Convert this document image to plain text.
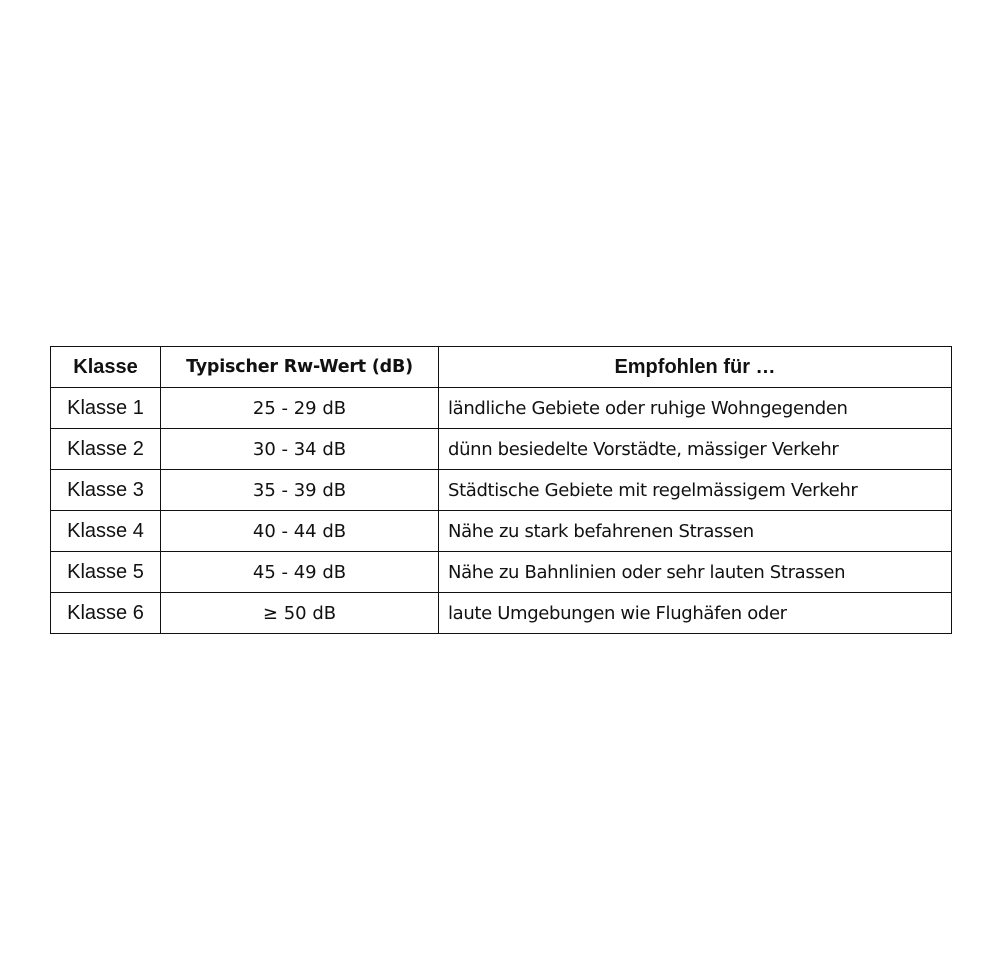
Klasse	Typischer Rw-Wert (dB)	Empfohlen für …
Klasse 1	25 - 29 dB	ländliche Gebiete oder ruhige Wohngegenden
Klasse 2	30 - 34 dB	dünn besiedelte Vorstädte, mässiger Verkehr
Klasse 3	35 - 39 dB	Städtische Gebiete mit regelmässigem Verkehr
Klasse 4	40 - 44 dB	Nähe zu stark befahrenen Strassen
Klasse 5	45 - 49 dB	Nähe zu Bahnlinien oder sehr lauten Strassen
Klasse 6	≥ 50 dB	laute Umgebungen wie Flughäfen oder
